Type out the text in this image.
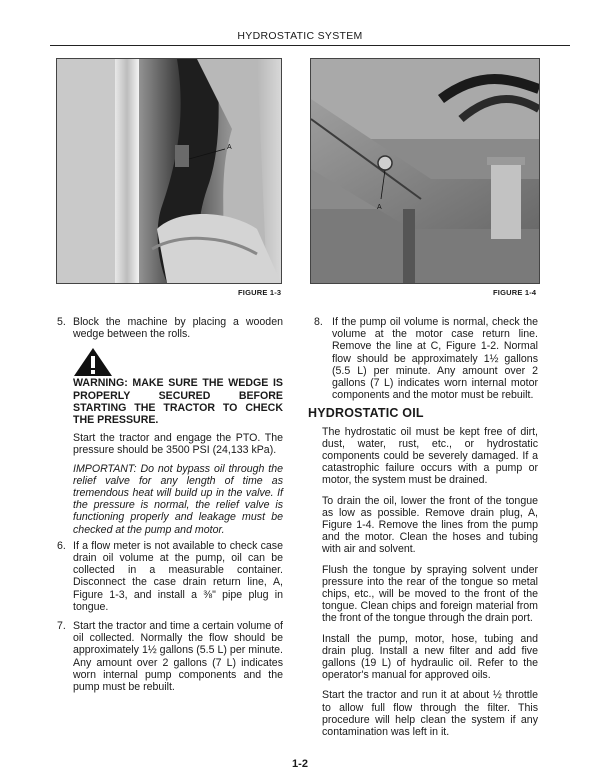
HYDROSTATIC SYSTEM
A
FIGURE 1-3
A
FIGURE 1-4
5. Block the machine by placing a wooden wedge between the rolls.
WARNING: MAKE SURE THE WEDGE IS PROPERLY SECURED BEFORE STARTING THE TRACTOR TO CHECK THE PRESSURE.
Start the tractor and engage the PTO. The pressure should be 3500 PSI (24,133 kPa).
IMPORTANT: Do not bypass oil through the relief valve for any length of time as tremendous heat will build up in the valve. If the pressure is normal, the relief valve is functioning properly and leakage must be checked at the pump and motor.
6. If a flow meter is not available to check case drain oil volume at the pump, oil can be collected in a measurable container. Disconnect the case drain return line, A, Figure 1-3, and install a ⅜" pipe plug in tongue.
7. Start the tractor and time a certain volume of oil collected. Normally the flow should be approximately 1½ gallons (5.5 L) per minute. Any amount over 2 gallons (7 L) indicates worn internal pump components and the pump must be rebuilt.
8. If the pump oil volume is normal, check the volume at the motor case return line. Remove the line at C, Figure 1-2. Normal flow should be approximately 1½ gallons (5.5 L) per minute. Any amount over 2 gallons (7 L) indicates worn internal motor components and the motor must be rebuilt.
HYDROSTATIC OIL
The hydrostatic oil must be kept free of dirt, dust, water, rust, etc., or hydrostatic components could be severely damaged. If a catastrophic failure occurs with a pump or motor, the system must be drained.
To drain the oil, lower the front of the tongue as low as possible. Remove drain plug, A, Figure 1-4. Remove the lines from the pump and the motor. Clean the hoses and tubing with air and solvent.
Flush the tongue by spraying solvent under pressure into the rear of the tongue so metal chips, etc., will be moved to the front of the tongue. Clean chips and foreign material from the front of the tongue through the drain port.
Install the pump, motor, hose, tubing and drain plug. Install a new filter and add five gallons (19 L) of hydraulic oil. Refer to the operator's manual for approved oils.
Start the tractor and run it at about ½ throttle to allow full flow through the filter. This procedure will help clean the system if any contamination was left in it.
1-2
